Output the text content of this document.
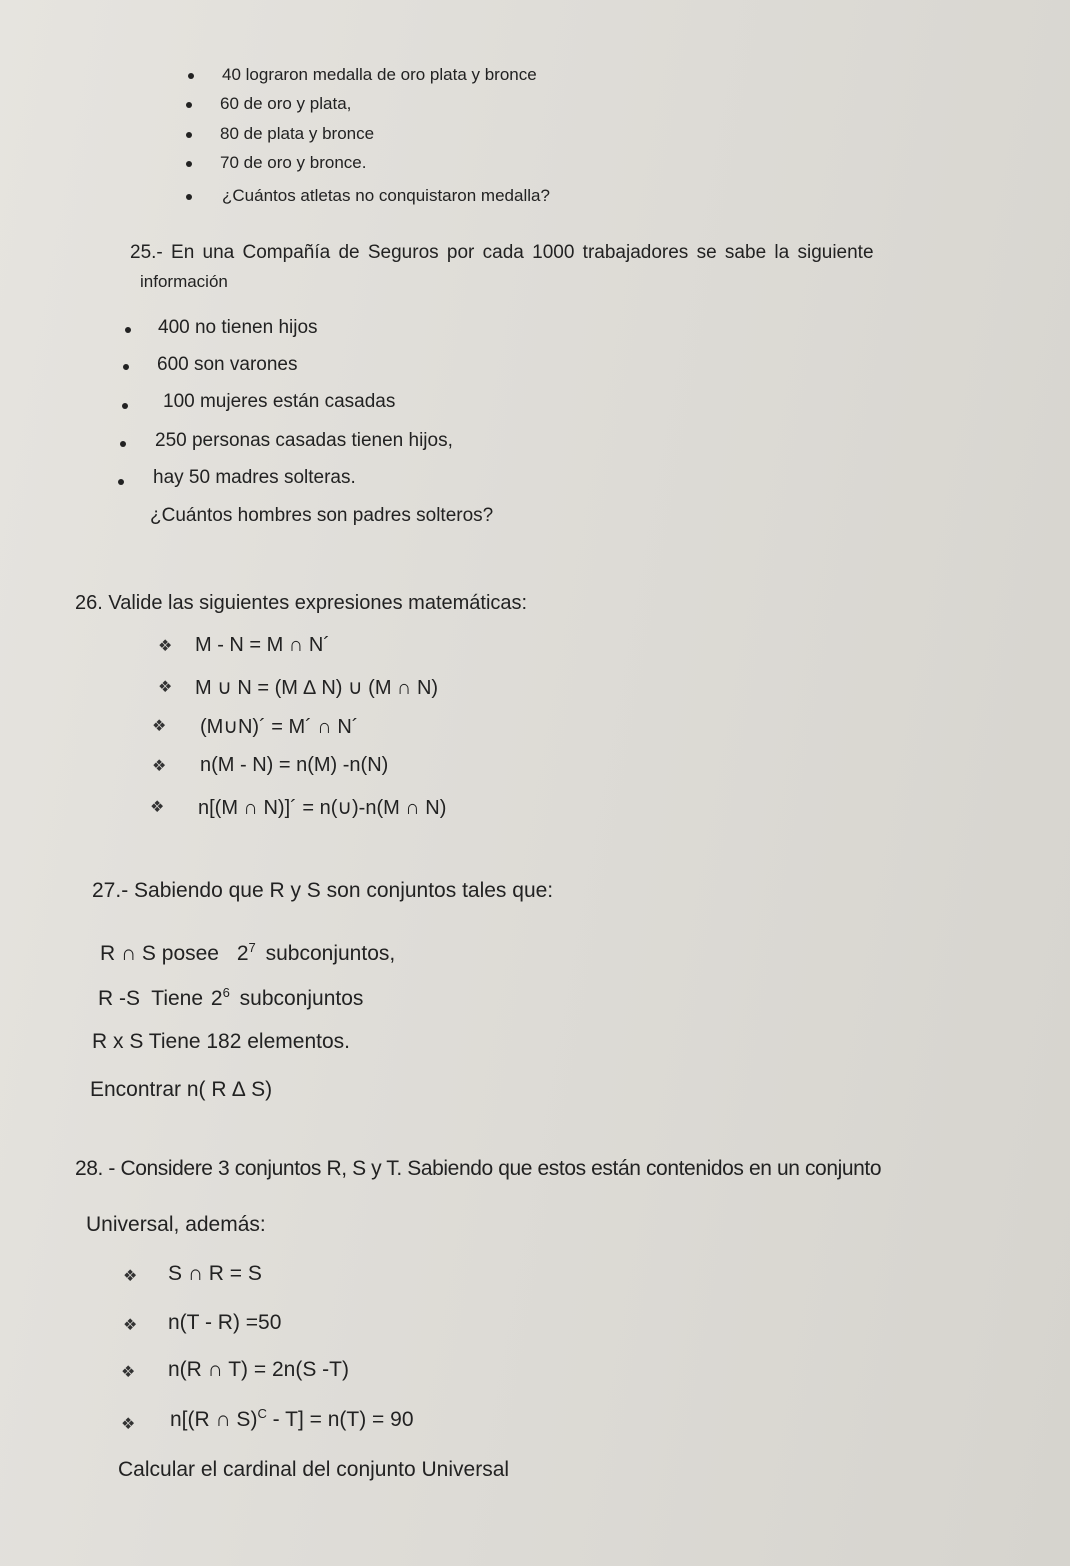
40 lograron medalla de oro plata y bronce
60 de oro y plata,
80 de plata y bronce
70 de oro y bronce.
¿Cuántos atletas no conquistaron medalla?
25.- En una Compañía de Seguros por cada 1000 trabajadores se sabe la siguiente
información
400 no tienen hijos
600 son varones
100 mujeres están casadas
250 personas casadas tienen hijos,
hay 50 madres solteras.
¿Cuántos hombres son padres solteros?
26. Valide las siguientes expresiones matemáticas:
❖ M - N = M ∩ N´
❖ M ∪ N = (M ∆ N) ∪ (M ∩ N)
❖ (M∪N)´ = M´ ∩ N´
❖ n(M - N) = n(M) -n(N)
❖ n[(M ∩ N)]´ = n(∪)-n(M ∩ N)
27.- Sabiendo que R y S son conjuntos tales que:
R ∩ S posee $2^7$ subconjuntos,
R -S  Tiene $2^6$ subconjuntos
R x S Tiene 182 elementos.
Encontrar n( R ∆ S)
28. - Considere 3 conjuntos R, S y T. Sabiendo que estos están contenidos en un conjunto
Universal, además:
❖ S ∩ R = S
❖ n(T - R) =50
❖ n(R ∩ T) = 2n(S -T)
❖ n[(R ∩ S)$^C$ - T] = n(T) = 90
Calcular el cardinal del conjunto Universal
